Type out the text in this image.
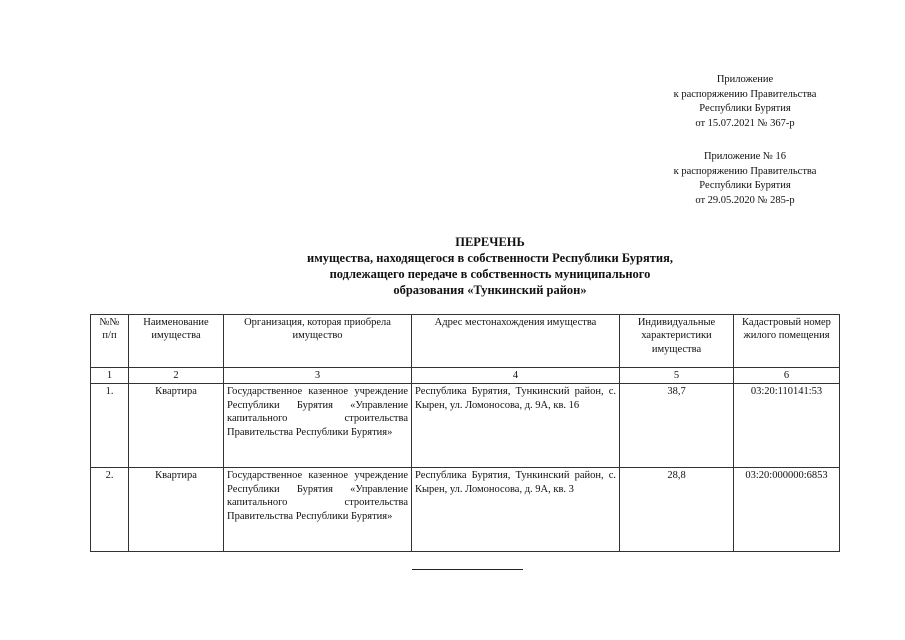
Приложение
к распоряжению Правительства
Республики Бурятия
от 15.07.2021 № 367-р
Приложение № 16
к распоряжению Правительства
Республики Бурятия
от 29.05.2020 № 285-р
ПЕРЕЧЕНЬ
имущества, находящегося в собственности Республики Бурятия,
подлежащего передаче в собственность муниципального
образования «Тункинский район»
№№ п/п	Наименование имущества	Организация, которая приобрела имущество	Адрес местонахождения имущества	Индивидуальные характеристики имущества	Кадастровый номер жилого помещения
1	2	3	4	5	6
1.	Квартира	Государственное казенное учреждение Республики Бурятия «Управление капитального строительства Правительства Республики Бурятия»	Республика Бурятия, Тункинский район, с. Кырен, ул. Ломоносова, д. 9А, кв. 16	38,7	03:20:110141:53
2.	Квартира	Государственное казенное учреждение Республики Бурятия «Управление капитального строительства Правительства Республики Бурятия»	Республика Бурятия, Тункинский район, с. Кырен, ул. Ломоносова, д. 9А, кв. 3	28,8	03:20:000000:6853
